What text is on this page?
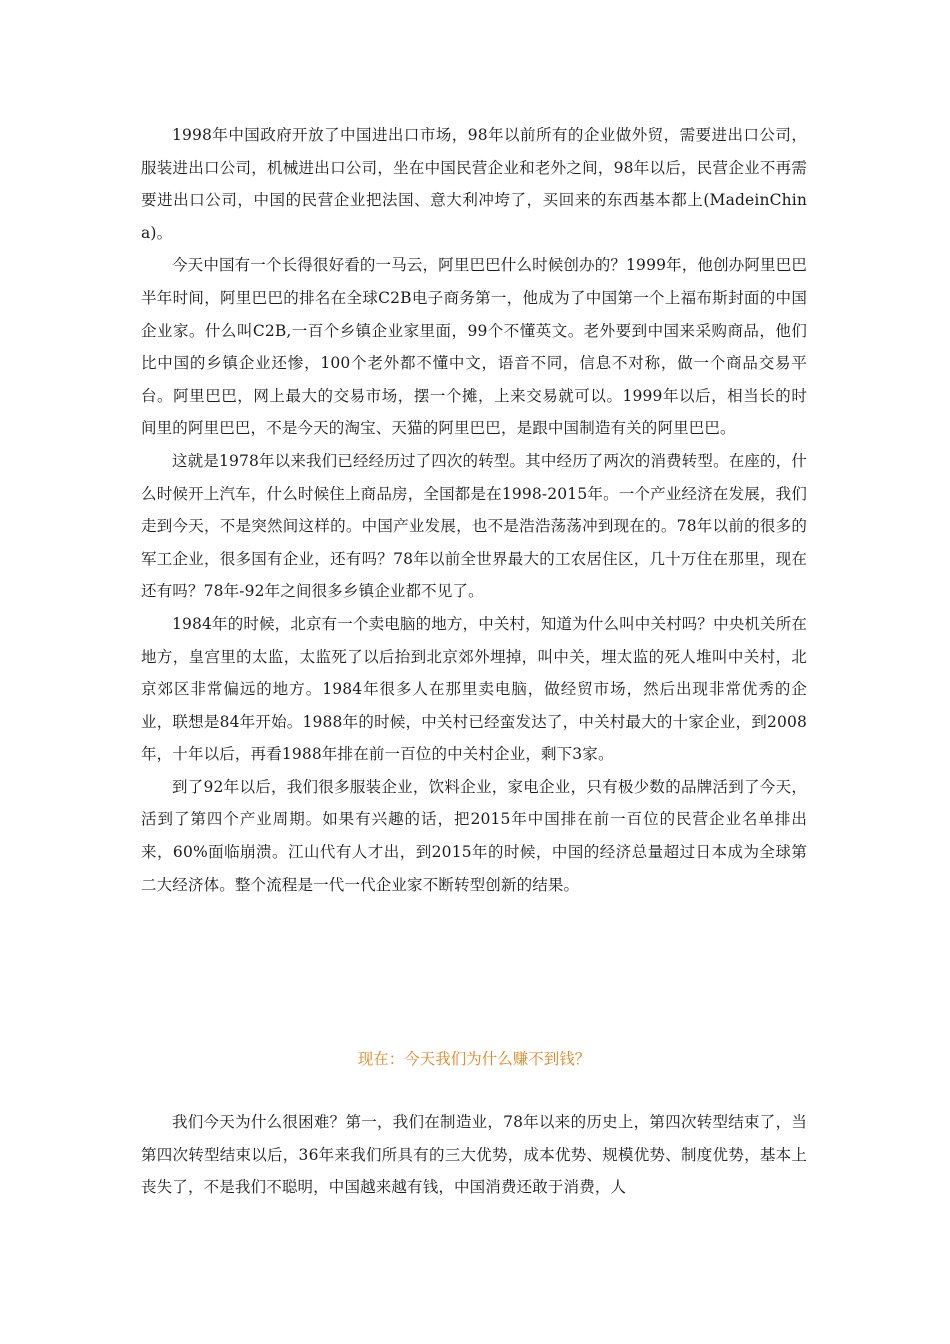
1998年中国政府开放了中国进出口市场，98年以前所有的企业做外贸，需要进出口公司，服装进出口公司，机械进出口公司，坐在中国民营企业和老外之间，98年以后，民营企业不再需要进出口公司，中国的民营企业把法国、意大利冲垮了，买回来的东西基本都上(MadeinChina)。

今天中国有一个长得很好看的一马云，阿里巴巴什么时候创办的？1999年，他创办阿里巴巴半年时间，阿里巴巴的排名在全球C2B电子商务第一，他成为了中国第一个上福布斯封面的中国企业家。什么叫C2B,一百个乡镇企业家里面，99个不懂英文。老外要到中国来采购商品，他们比中国的乡镇企业还惨，100个老外都不懂中文，语音不同，信息不对称，做一个商品交易平台。阿里巴巴，网上最大的交易市场，摆一个摊，上来交易就可以。1999年以后，相当长的时间里的阿里巴巴，不是今天的淘宝、天猫的阿里巴巴，是跟中国制造有关的阿里巴巴。

这就是1978年以来我们已经经历过了四次的转型。其中经历了两次的消费转型。在座的，什么时候开上汽车，什么时候住上商品房，全国都是在1998-2015年。一个产业经济在发展，我们走到今天，不是突然间这样的。中国产业发展，也不是浩浩荡荡冲到现在的。78年以前的很多的军工企业，很多国有企业，还有吗？78年以前全世界最大的工农居住区，几十万住在那里，现在还有吗？78年-92年之间很多乡镇企业都不见了。

1984年的时候，北京有一个卖电脑的地方，中关村，知道为什么叫中关村吗？中央机关所在地方，皇宫里的太监，太监死了以后抬到北京郊外埋掉，叫中关，埋太监的死人堆叫中关村，北京郊区非常偏远的地方。1984年很多人在那里卖电脑，做经贸市场，然后出现非常优秀的企业，联想是84年开始。1988年的时候，中关村已经蛮发达了，中关村最大的十家企业，到2008年，十年以后，再看1988年排在前一百位的中关村企业，剩下3家。

到了92年以后，我们很多服装企业，饮料企业，家电企业，只有极少数的品牌活到了今天，活到了第四个产业周期。如果有兴趣的话，把2015年中国排在前一百位的民营企业名单排出来，60%面临崩溃。江山代有人才出，到2015年的时候，中国的经济总量超过日本成为全球第二大经济体。整个流程是一代一代企业家不断转型创新的结果。

现在：今天我们为什么赚不到钱？

我们今天为什么很困难？第一，我们在制造业，78年以来的历史上，第四次转型结束了，当第四次转型结束以后，36年来我们所具有的三大优势，成本优势、规模优势、制度优势，基本上丧失了，不是我们不聪明，中国越来越有钱，中国消费还敢于消费，人
